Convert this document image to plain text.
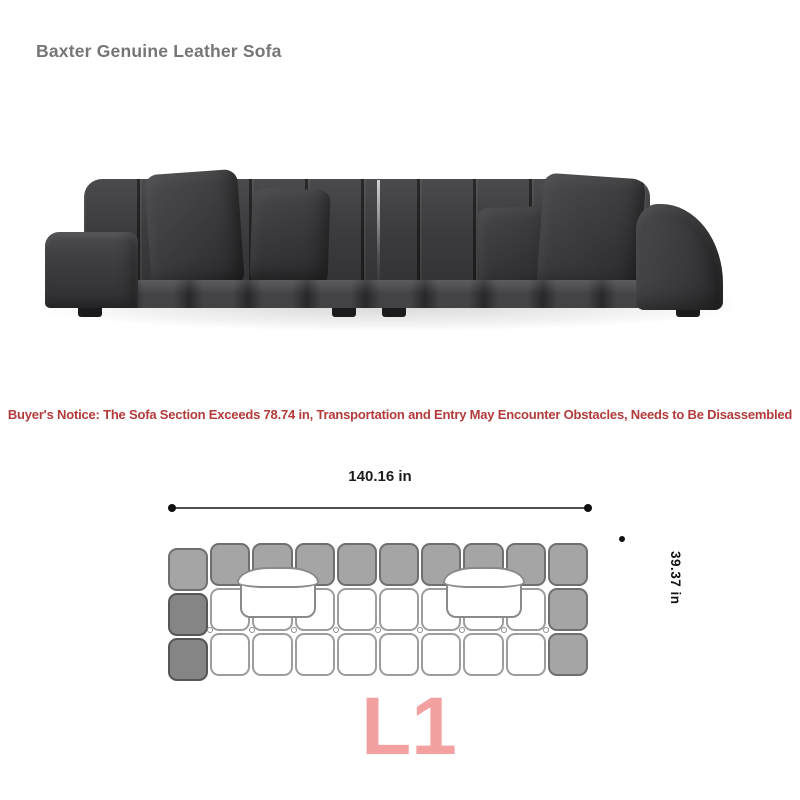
Baxter Genuine Leather Sofa
Buyer's Notice: The Sofa Section Exceeds 78.74 in, Transportation and Entry May Encounter Obstacles, Needs to Be Disassembled
140.16 in
39.37 in
L1
